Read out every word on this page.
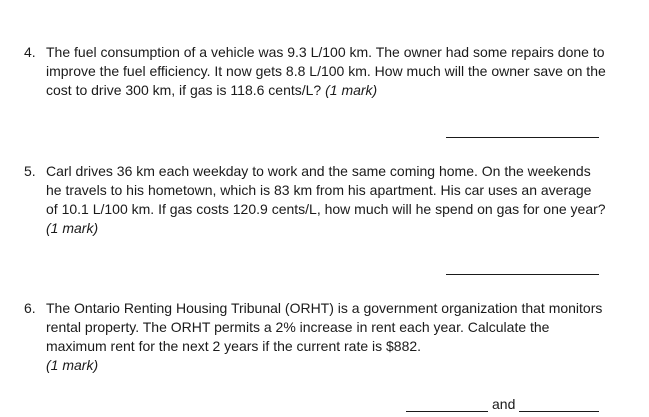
4. The fuel consumption of a vehicle was 9.3 L/100 km. The owner had some repairs done to improve the fuel efficiency. It now gets 8.8 L/100 km. How much will the owner save on the cost to drive 300 km, if gas is 118.6 cents/L? (1 mark)
5. Carl drives 36 km each weekday to work and the same coming home. On the weekends he travels to his hometown, which is 83 km from his apartment. His car uses an average of 10.1 L/100 km. If gas costs 120.9 cents/L, how much will he spend on gas for one year? (1 mark)
6. The Ontario Renting Housing Tribunal (ORHT) is a government organization that monitors rental property. The ORHT permits a 2% increase in rent each year. Calculate the maximum rent for the next 2 years if the current rate is $882.
(1 mark)
and
